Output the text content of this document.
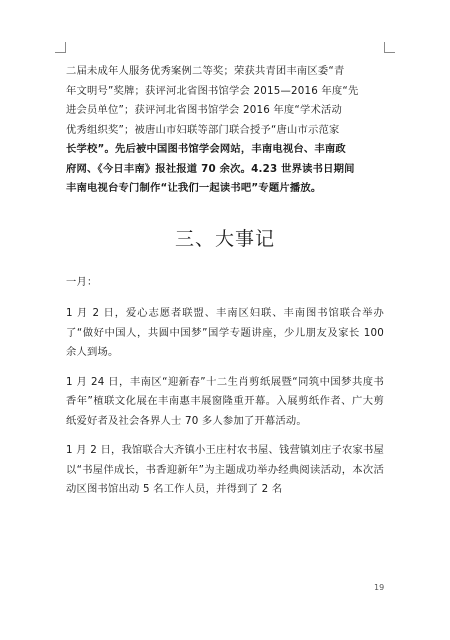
二届未成年人服务优秀案例二等奖；荣获共青团丰南区委“青
年文明号”奖牌；获评河北省图书馆学会 2015—2016 年度“先
进会员单位”；获评河北省图书馆学会 2016 年度“学术活动
优秀组织奖”；被唐山市妇联等部门联合授予“唐山市示范家
长学校”。先后被中国图书馆学会网站，丰南电视台、丰南政
府网、《今日丰南》报社报道 70 余次。4.23 世界读书日期间
丰南电视台专门制作“让我们一起读书吧”专题片播放。
三、大事记
一月：
1 月 2 日，爱心志愿者联盟、丰南区妇联、丰南图书馆联合举办了“做好中国人，共圆中国梦”国学专题讲座，少儿朋友及家长 100 余人到场。
1 月 24 日，丰南区“迎新春”十二生肖剪纸展暨“同筑中国梦共度书香年”植联文化展在丰南惠丰展窗隆重开幕。入展剪纸作者、广大剪纸爱好者及社会各界人士 70 多人参加了开幕活动。
1 月 2 日，我馆联合大齐镇小王庄村农书屋、钱营镇刘庄子农家书屋以“书屋伴成长，书香迎新年”为主题成功举办经典阅读活动，本次活动区图书馆出动 5 名工作人员，并得到了 2 名
19
